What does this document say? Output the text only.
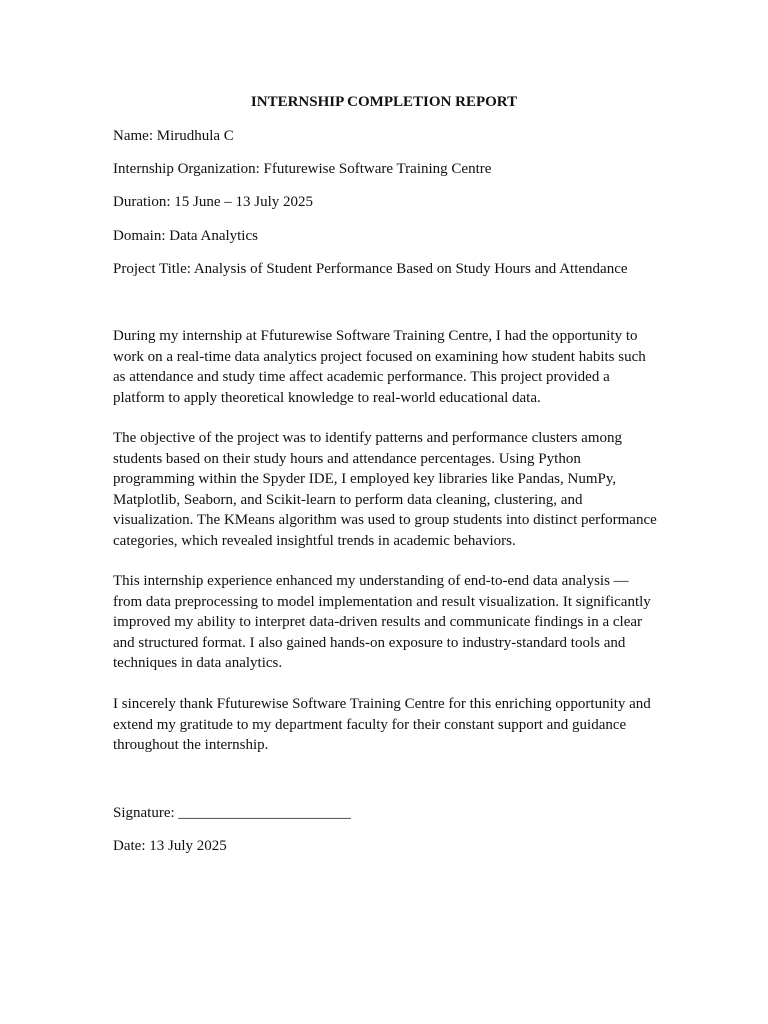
INTERNSHIP COMPLETION REPORT
Name: Mirudhula C
Internship Organization: Ffuturewise Software Training Centre
Duration: 15 June – 13 July 2025
Domain: Data Analytics
Project Title: Analysis of Student Performance Based on Study Hours and Attendance

During my internship at Ffuturewise Software Training Centre, I had the opportunity to work on a real-time data analytics project focused on examining how student habits such as attendance and study time affect academic performance. This project provided a platform to apply theoretical knowledge to real-world educational data.

The objective of the project was to identify patterns and performance clusters among students based on their study hours and attendance percentages. Using Python programming within the Spyder IDE, I employed key libraries like Pandas, NumPy, Matplotlib, Seaborn, and Scikit-learn to perform data cleaning, clustering, and visualization. The KMeans algorithm was used to group students into distinct performance categories, which revealed insightful trends in academic behaviors.

This internship experience enhanced my understanding of end-to-end data analysis — from data preprocessing to model implementation and result visualization. It significantly improved my ability to interpret data-driven results and communicate findings in a clear and structured format. I also gained hands-on exposure to industry-standard tools and techniques in data analytics.

I sincerely thank Ffuturewise Software Training Centre for this enriching opportunity and extend my gratitude to my department faculty for their constant support and guidance throughout the internship.

Signature: _______________________
Date: 13 July 2025
